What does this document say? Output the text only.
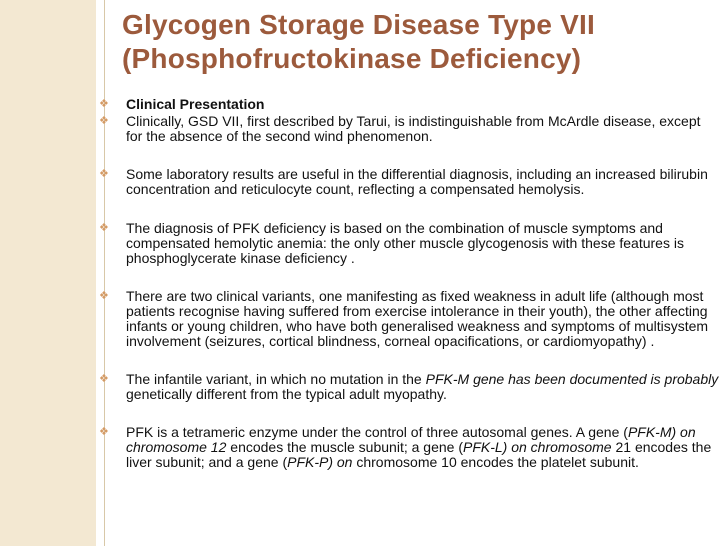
Glycogen Storage Disease Type VII
(Phosphofructokinase Deficiency)
❖ Clinical Presentation
❖ Clinically, GSD VII, first described by Tarui, is indistinguishable from McArdle disease, except for the absence of the second wind phenomenon.
❖ Some laboratory results are useful in the differential diagnosis, including an increased bilirubin concentration and reticulocyte count, reflecting a compensated hemolysis.
❖ The diagnosis of PFK deficiency is based on the combination of muscle symptoms and compensated hemolytic anemia: the only other muscle glycogenosis with these features is phosphoglycerate kinase deficiency .
❖ There are two clinical variants, one manifesting as fixed weakness in adult life (although most patients recognise having suffered from exercise intolerance in their youth), the other affecting infants or young children, who have both generalised weakness and symptoms of multisystem involvement (seizures, cortical blindness, corneal opacifications, or cardiomyopathy) .
❖ The infantile variant, in which no mutation in the PFK-M gene has been documented is probably genetically different from the typical adult myopathy.
❖ PFK is a tetrameric enzyme under the control of three autosomal genes. A gene (PFK-M) on chromosome 12 encodes the muscle subunit; a gene (PFK-L) on chromosome 21 encodes the liver subunit; and a gene (PFK-P) on chromosome 10 encodes the platelet subunit.
